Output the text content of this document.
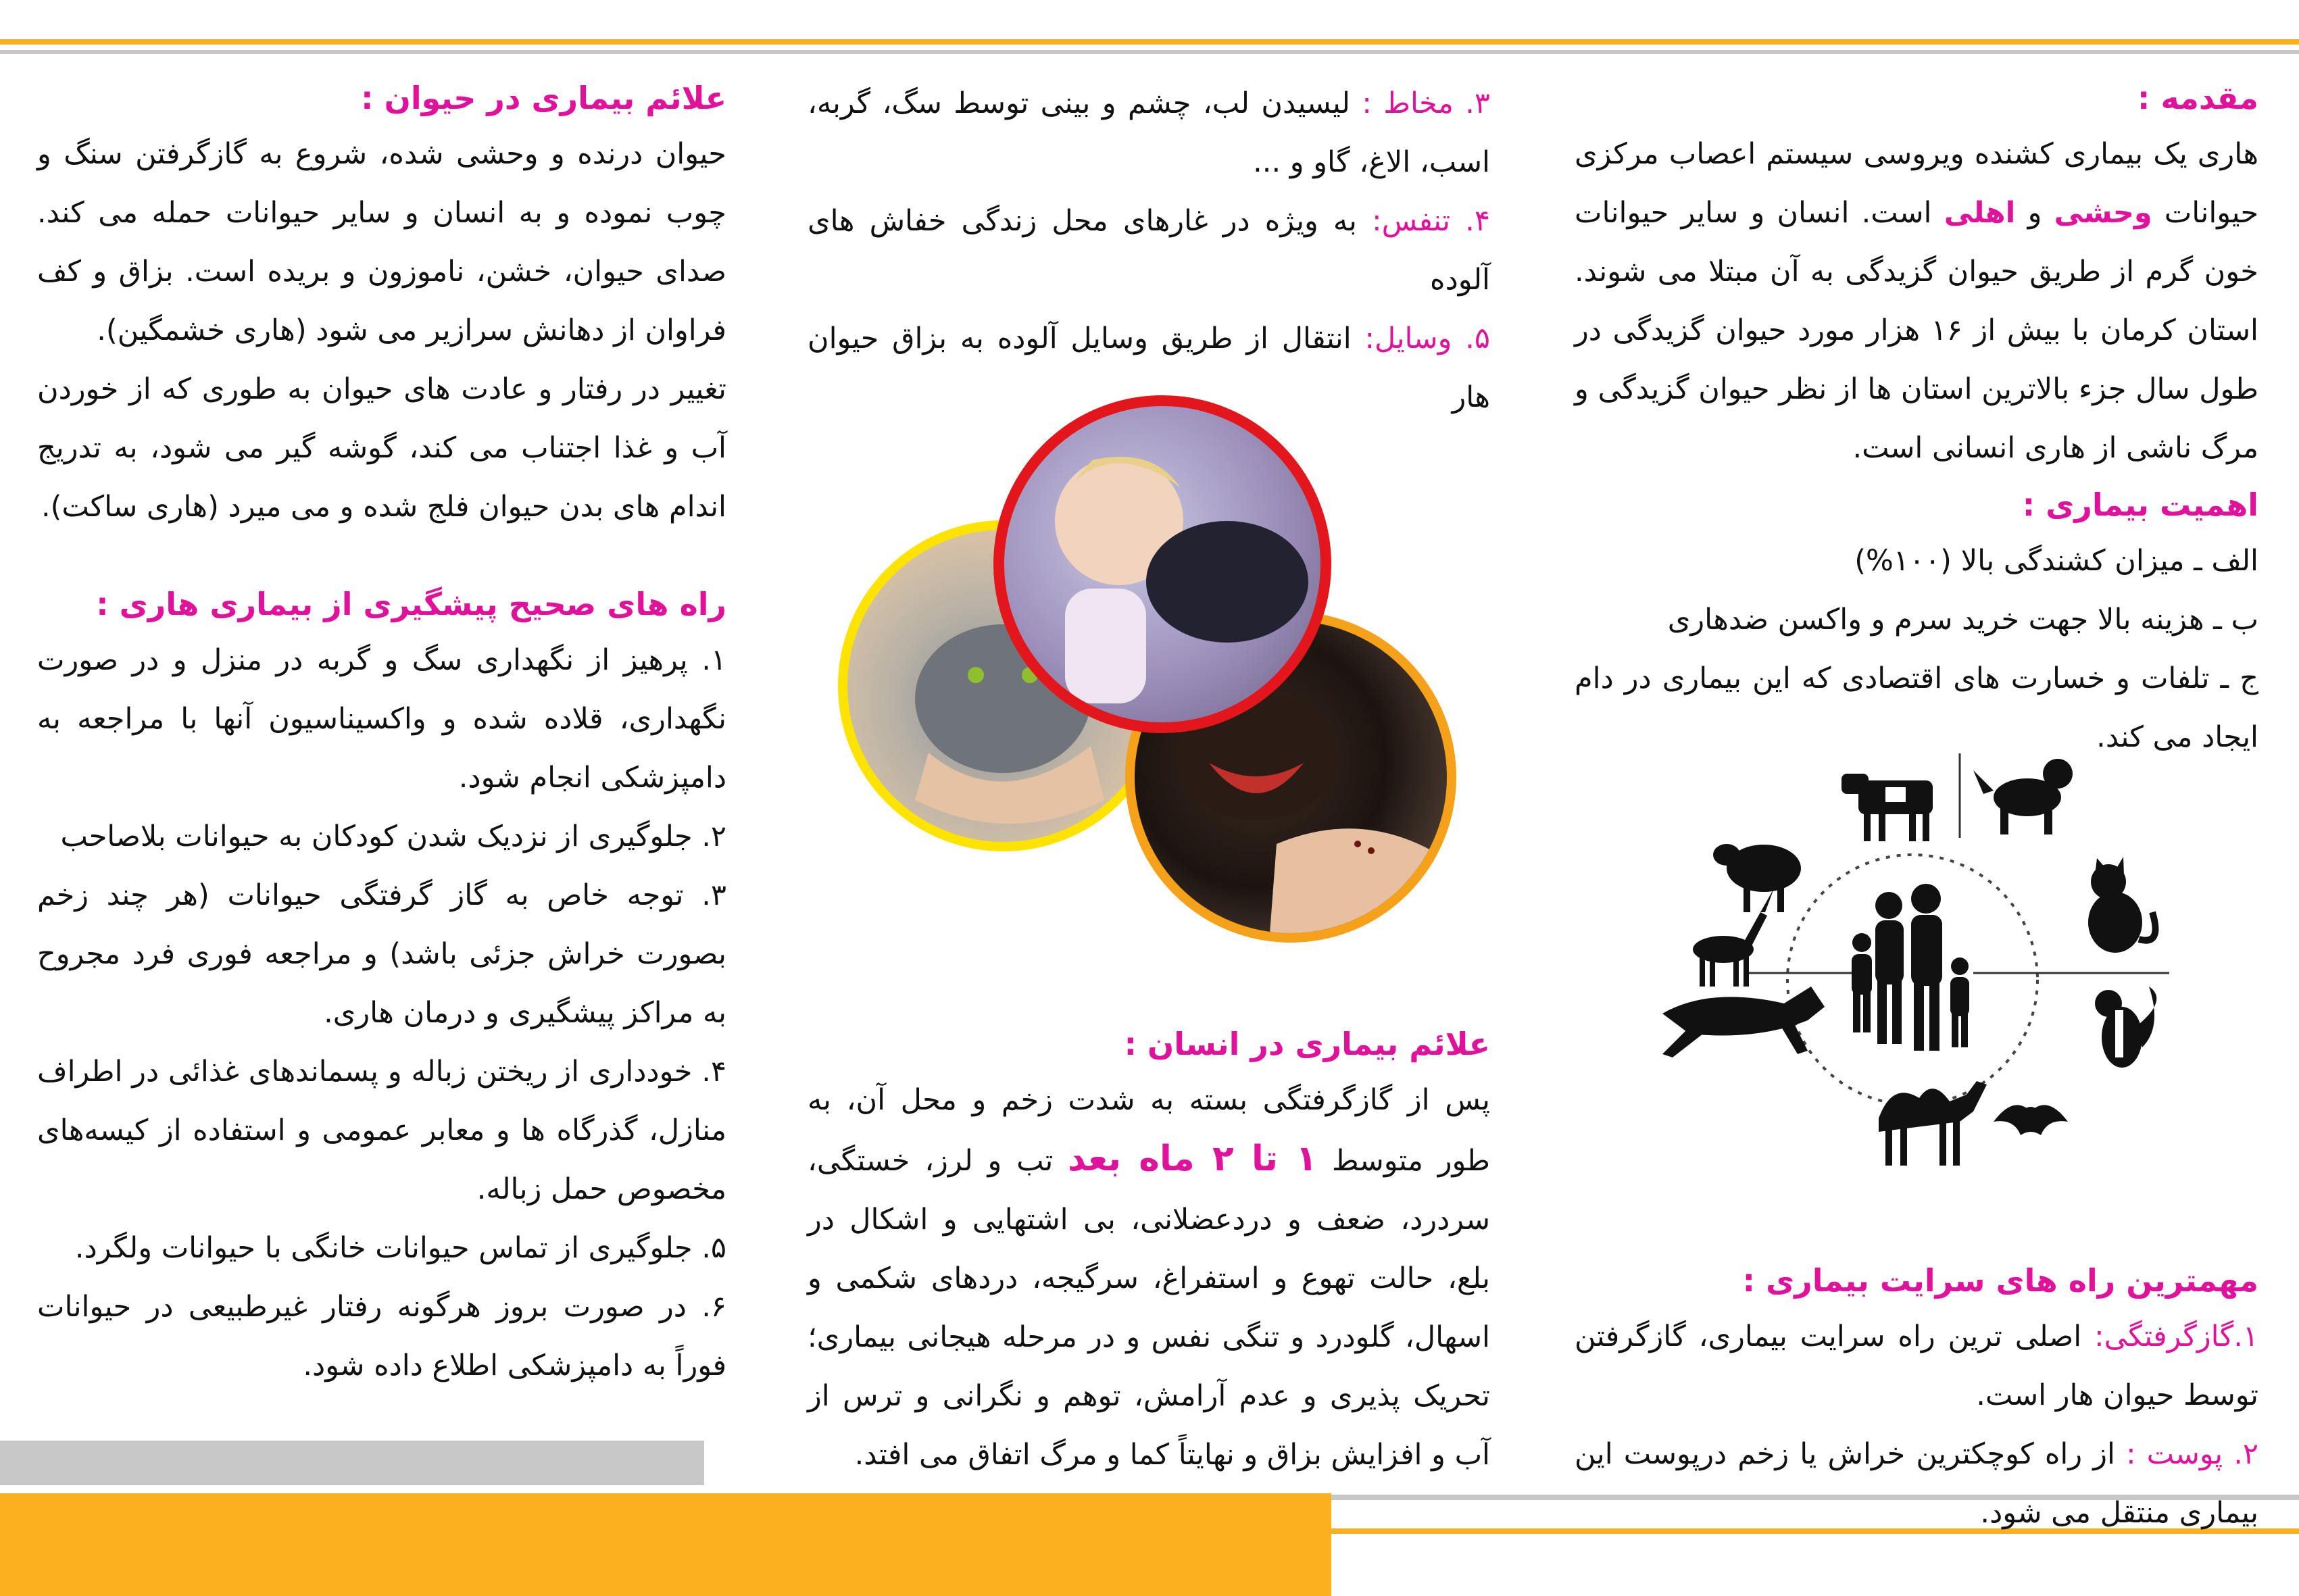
مقدمه :

هاری یک بیماری کشنده ویروسی سیستم اعصاب مرکزی حیوانات وحشی و اهلی است. انسان و سایر حیوانات خون گرم از طریق حیوان گزیدگی به آن مبتلا می شوند. استان کرمان با بیش از ۱۶ هزار مورد حیوان گزیدگی در طول سال جزء بالاترین استان ها از نظر حیوان گزیدگی و مرگ ناشی از هاری انسانی است.

اهمیت بیماری :

الف ـ میزان کشندگی بالا (۱۰۰%)

ب ـ هزینه بالا جهت خرید سرم و واکسن ضدهاری

ج ـ تلفات و خسارت های اقتصادی که این بیماری در دام ایجاد می کند.

مهمترین راه های سرایت بیماری :

۱.گازگرفتگی: اصلی ترین راه سرایت بیماری، گازگرفتن توسط حیوان هار است.

۲. پوست : از راه کوچکترین خراش یا زخم درپوست این بیماری منتقل می شود.

۳. مخاط : لیسیدن لب، چشم و بینی توسط سگ، گربه، اسب، الاغ، گاو و ...

۴. تنفس: به ویژه در غارهای محل زندگی خفاش های آلوده

۵. وسایل: انتقال از طریق وسایل آلوده به بزاق حیوان هار

علائم بیماری در انسان :

پس از گازگرفتگی بسته به شدت زخم و محل آن، به طور متوسط ۱ تا ۲ ماه بعد تب و لرز، خستگی، سردرد، ضعف و دردعضلانی، بی اشتهایی و اشکال در بلع، حالت تهوع و استفراغ، سرگیجه، دردهای شکمی و اسهال، گلودرد و تنگی نفس و در مرحله هیجانی بیماری؛ تحریک پذیری و عدم آرامش، توهم و نگرانی و ترس از آب و افزایش بزاق و نهایتاً کما و مرگ اتفاق می افتد.

علائم بیماری در حیوان :

حیوان درنده و وحشی شده، شروع به گازگرفتن سنگ و چوب نموده و به انسان و سایر حیوانات حمله می کند. صدای حیوان، خشن، ناموزون و بریده است. بزاق و کف فراوان از دهانش سرازیر می شود (هاری خشمگین).

تغییر در رفتار و عادت های حیوان به طوری که از خوردن آب و غذا اجتناب می کند، گوشه گیر می شود، به تدریج اندام های بدن حیوان فلج شده و می میرد (هاری ساکت).

راه های صحیح پیشگیری از بیماری هاری :

۱. پرهیز از نگهداری سگ و گربه در منزل و در صورت نگهداری، قلاده شده و واکسیناسیون آنها با مراجعه به دامپزشکی انجام شود.

۲. جلوگیری از نزدیک شدن کودکان به حیوانات بلاصاحب

۳. توجه خاص به گاز گرفتگی حیوانات (هر چند زخم بصورت خراش جزئی باشد) و مراجعه فوری فرد مجروح به مراکز پیشگیری و درمان هاری.

۴. خودداری از ریختن زباله و پسماندهای غذائی در اطراف منازل، گذرگاه ها و معابر عمومی و استفاده از کیسه‌های مخصوص حمل زباله.

۵. جلوگیری از تماس حیوانات خانگی با حیوانات ولگرد.

۶. در صورت بروز هرگونه رفتار غیرطبیعی در حیوانات فوراً به دامپزشکی اطلاع داده شود.
